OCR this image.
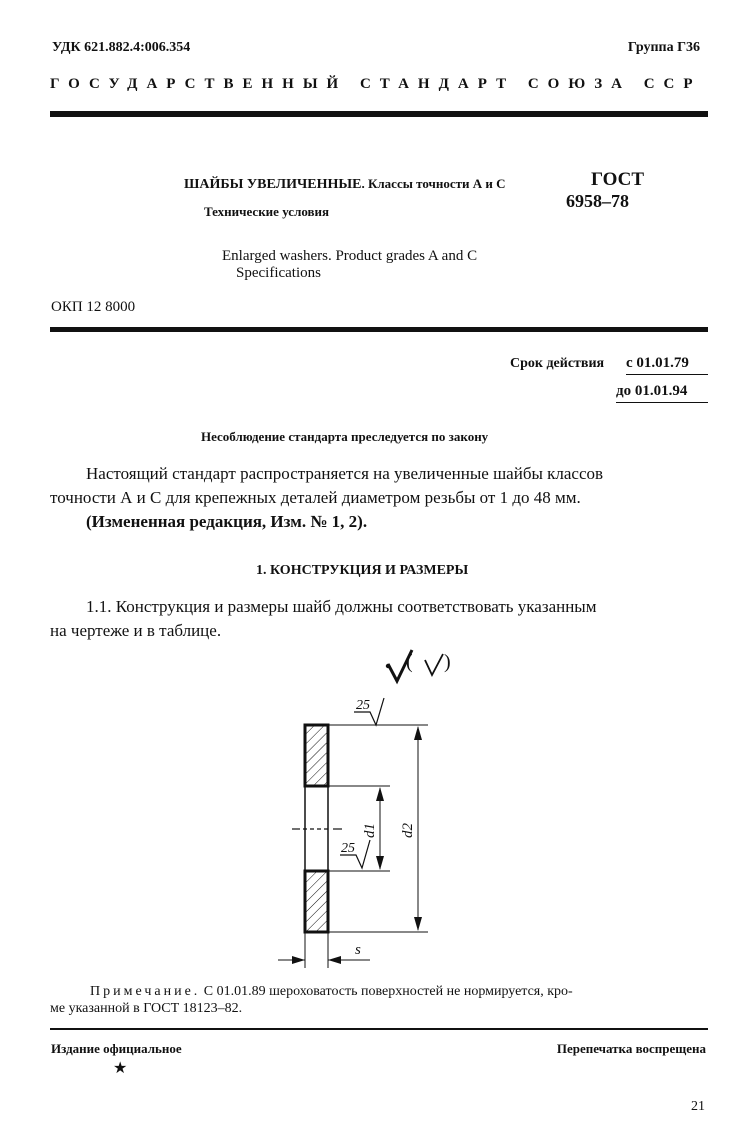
УДК 621.882.4:006.354	Группа Г36
ГОСУДАРСТВЕННЫЙ СТАНДАРТ СОЮЗА ССР
ШАЙБЫ УВЕЛИЧЕННЫЕ. Классы точности А и С
Технические условия
ГОСТ
6958–78
Enlarged washers. Product grades A and C
Specifications
ОКП 12 8000
Срок действия с 01.01.79
до 01.01.94
Несоблюдение стандарта преследуется по закону
Настоящий стандарт распространяется на увеличенные шайбы классов
точности А и С для крепежных деталей диаметром резьбы от 1 до 48 мм.
(Измененная редакция, Изм. № 1, 2).
1. КОНСТРУКЦИЯ И РАЗМЕРЫ
1.1. Конструкция и размеры шайб должны соответствовать указанным
на чертеже и в таблице.
( )
25
25
d1 d2
s
Примечание. С 01.01.89 шероховатость поверхностей не нормируется, кро-
ме указанной в ГОСТ 18123–82.
Издание официальное
★
Перепечатка воспрещена
21
